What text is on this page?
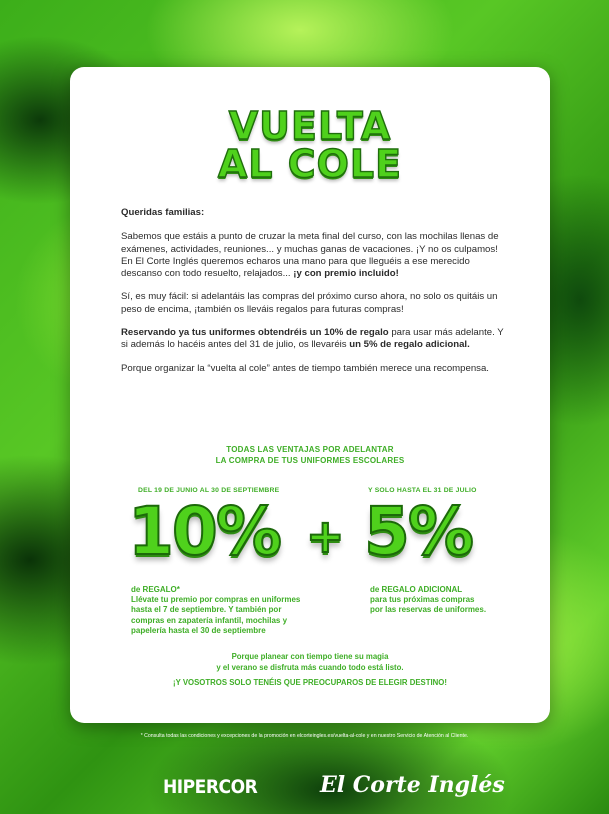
VUELTA
AL COLE

Queridas familias:

Sabemos que estáis a punto de cruzar la meta final del curso, con las mochilas llenas de exámenes, actividades, reuniones... y muchas ganas de vacaciones. ¡Y no os culpamos! En El Corte Inglés queremos echaros una mano para que lleguéis a ese merecido descanso con todo resuelto, relajados... ¡y con premio incluido!

Sí, es muy fácil: si adelantáis las compras del próximo curso ahora, no solo os quitáis un peso de encima, ¡también os lleváis regalos para futuras compras!

Reservando ya tus uniformes obtendréis un 10% de regalo para usar más adelante. Y si además lo hacéis antes del 31 de julio, os llevaréis un 5% de regalo adicional.

Porque organizar la “vuelta al cole” antes de tiempo también merece una recompensa.

TODAS LAS VENTAJAS POR ADELANTAR
LA COMPRA DE TUS UNIFORMES ESCOLARES
DEL 19 DE JUNIO AL 30 DE SEPTIEMBRE	Y SOLO HASTA EL 31 DE JULIO
10% + 5%
de REGALO*
Llévate tu premio por compras en uniformes
hasta el 7 de septiembre. Y también por
compras en zapatería infantil, mochilas y
papelería hasta el 30 de septiembre
de REGALO ADICIONAL
para tus próximas compras
por las reservas de uniformes.
Porque planear con tiempo tiene su magia
y el verano se disfruta más cuando todo está listo.
¡Y VOSOTROS SOLO TENÉIS QUE PREOCUPAROS DE ELEGIR DESTINO!
* Consulta todas las condiciones y excepciones de la promoción en elcorteingles.es/vuelta-al-cole y en nuestro Servicio de Atención al Cliente.
HIPERCOR	El Corte Inglés
